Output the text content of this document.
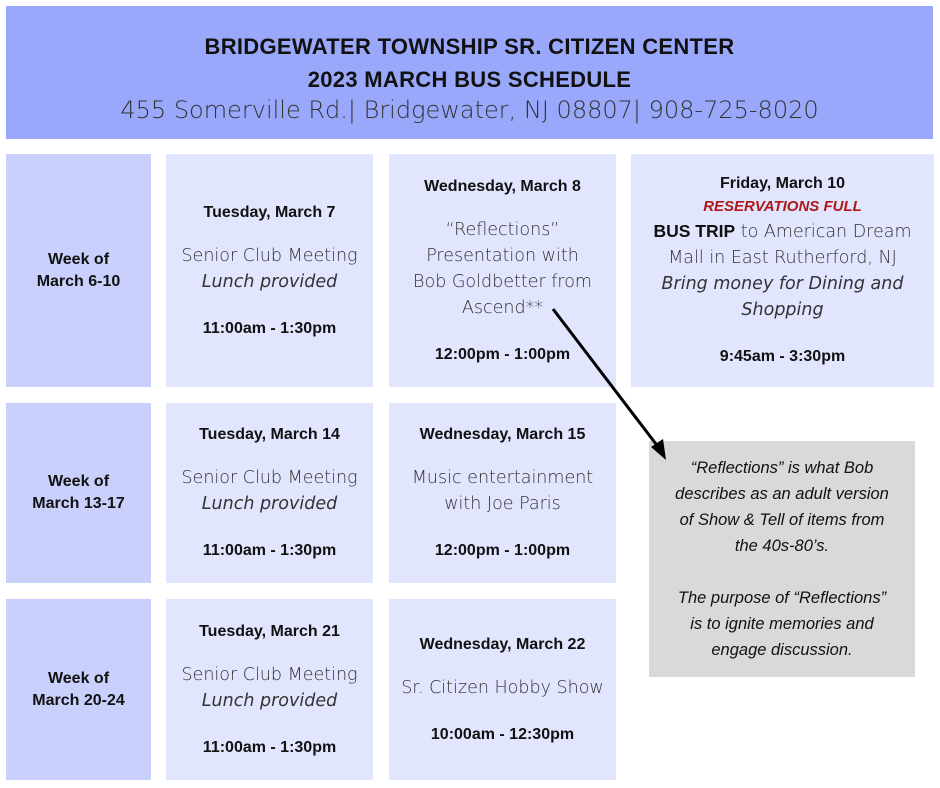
BRIDGEWATER TOWNSHIP SR. CITIZEN CENTER
2023 MARCH BUS SCHEDULE
455 Somerville Rd.| Bridgewater, NJ 08807| 908-725-8020
Week of
March 6-10
Tuesday, March 7
Senior Club Meeting
Lunch provided
11:00am - 1:30pm
Wednesday, March 8
“Reflections”
Presentation with
Bob Goldbetter from
Ascend**
12:00pm - 1:00pm
Friday, March 10
RESERVATIONS FULL
BUS TRIP to American Dream
Mall in East Rutherford, NJ
Bring money for Dining and
Shopping
9:45am - 3:30pm
Week of
March 13-17
Tuesday, March 14
Senior Club Meeting
Lunch provided
11:00am - 1:30pm
Wednesday, March 15
Music entertainment
with Joe Paris
12:00pm - 1:00pm
Week of
March 20-24
Tuesday, March 21
Senior Club Meeting
Lunch provided
11:00am - 1:30pm
Wednesday, March 22
Sr. Citizen Hobby Show
10:00am - 12:30pm
“Reflections” is what Bob
describes as an adult version
of Show & Tell of items from
the 40s-80’s.
The purpose of “Reflections”
is to ignite memories and
engage discussion.
